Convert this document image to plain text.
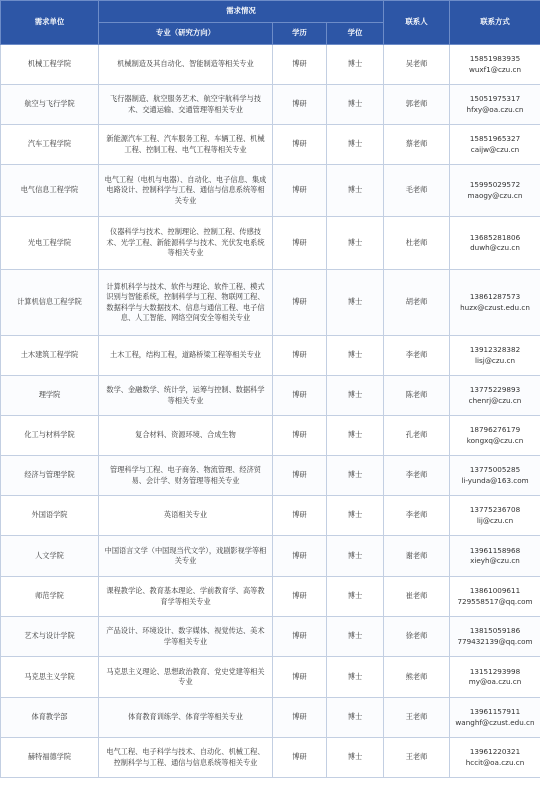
需求单位	需求情况			联系人	联系方式
	专业（研究方向）	学历	学位		
机械工程学院	机械制造及其自动化、智能制造等相关专业	博研	博士	吴老师	15851983935
wuxf1@czu.cn

航空与飞行学院	飞行器制造、航空服务艺术、航空宇航科学与技术、交通运输、交通管理等相关专业	博研	博士	郭老师	15051975317
hfxy@oa.czu.cn

汽车工程学院	新能源汽车工程、汽车服务工程、车辆工程、机械工程、控制工程、电气工程等相关专业	博研	博士	蔡老师	15851965327
caijw@czu.cn

电气信息工程学院	电气工程（电机与电器）、自动化、电子信息、集成电路设计、控制科学与工程、通信与信息系统等相关专业	博研	博士	毛老师	15995029572
maogy@czu.cn

光电工程学院	仪器科学与技术、控制理论、控制工程、传感技术、光学工程、新能源科学与技术、光伏发电系统等相关专业	博研	博士	杜老师	13685281806
duwh@czu.cn

计算机信息工程学院	计算机科学与技术、软件与理论、软件工程、模式识别与智能系统，控制科学与工程、物联网工程、数据科学与大数据技术、信息与通信工程、电子信息、人工智能、网络空间安全等相关专业	博研	博士	胡老师	13861287573
huzx@czust.edu.cn

土木建筑工程学院	土木工程，结构工程，道路桥梁工程等相关专业	博研	博士	李老师	13912328382
lisj@czu.cn

理学院	数学、金融数学、统计学，运筹与控制、数据科学等相关专业	博研	博士	陈老师	13775229893
chenrj@czu.cn

化工与材料学院	复合材料、资源环境、合成生物	博研	博士	孔老师	18796276179
kongxq@czu.cn

经济与管理学院	管理科学与工程、电子商务、物流管理、经济贸易、会计学、财务管理等相关专业	博研	博士	李老师	13775005285
li-yunda@163.com

外国语学院	英语相关专业	博研	博士	李老师	13775236708
lij@czu.cn

人文学院	中国语言文学（中国现当代文学），戏剧影视学等相关专业	博研	博士	谢老师	13961158968
xieyh@czu.cn

师范学院	课程教学论、教育基本理论、学前教育学、高等教育学等相关专业	博研	博士	崔老师	13861009611
729558517@qq.com

艺术与设计学院	产品设计、环境设计、数字媒体、视觉传达、美术学等相关专业	博研	博士	徐老师	13815059186
779432139@qq.com

马克思主义学院	马克思主义理论、思想政治教育、党史党建等相关专业	博研	博士	熊老师	13151293998
my@oa.czu.cn

体育教学部	体育教育训练学、体育学等相关专业	博研	博士	王老师	13961157911
wanghf@czust.edu.cn

赫特福德学院	电气工程、电子科学与技术、自动化、机械工程、控制科学与工程、通信与信息系统等相关专业	博研	博士	王老师	13961220321
hccit@oa.czu.cn
